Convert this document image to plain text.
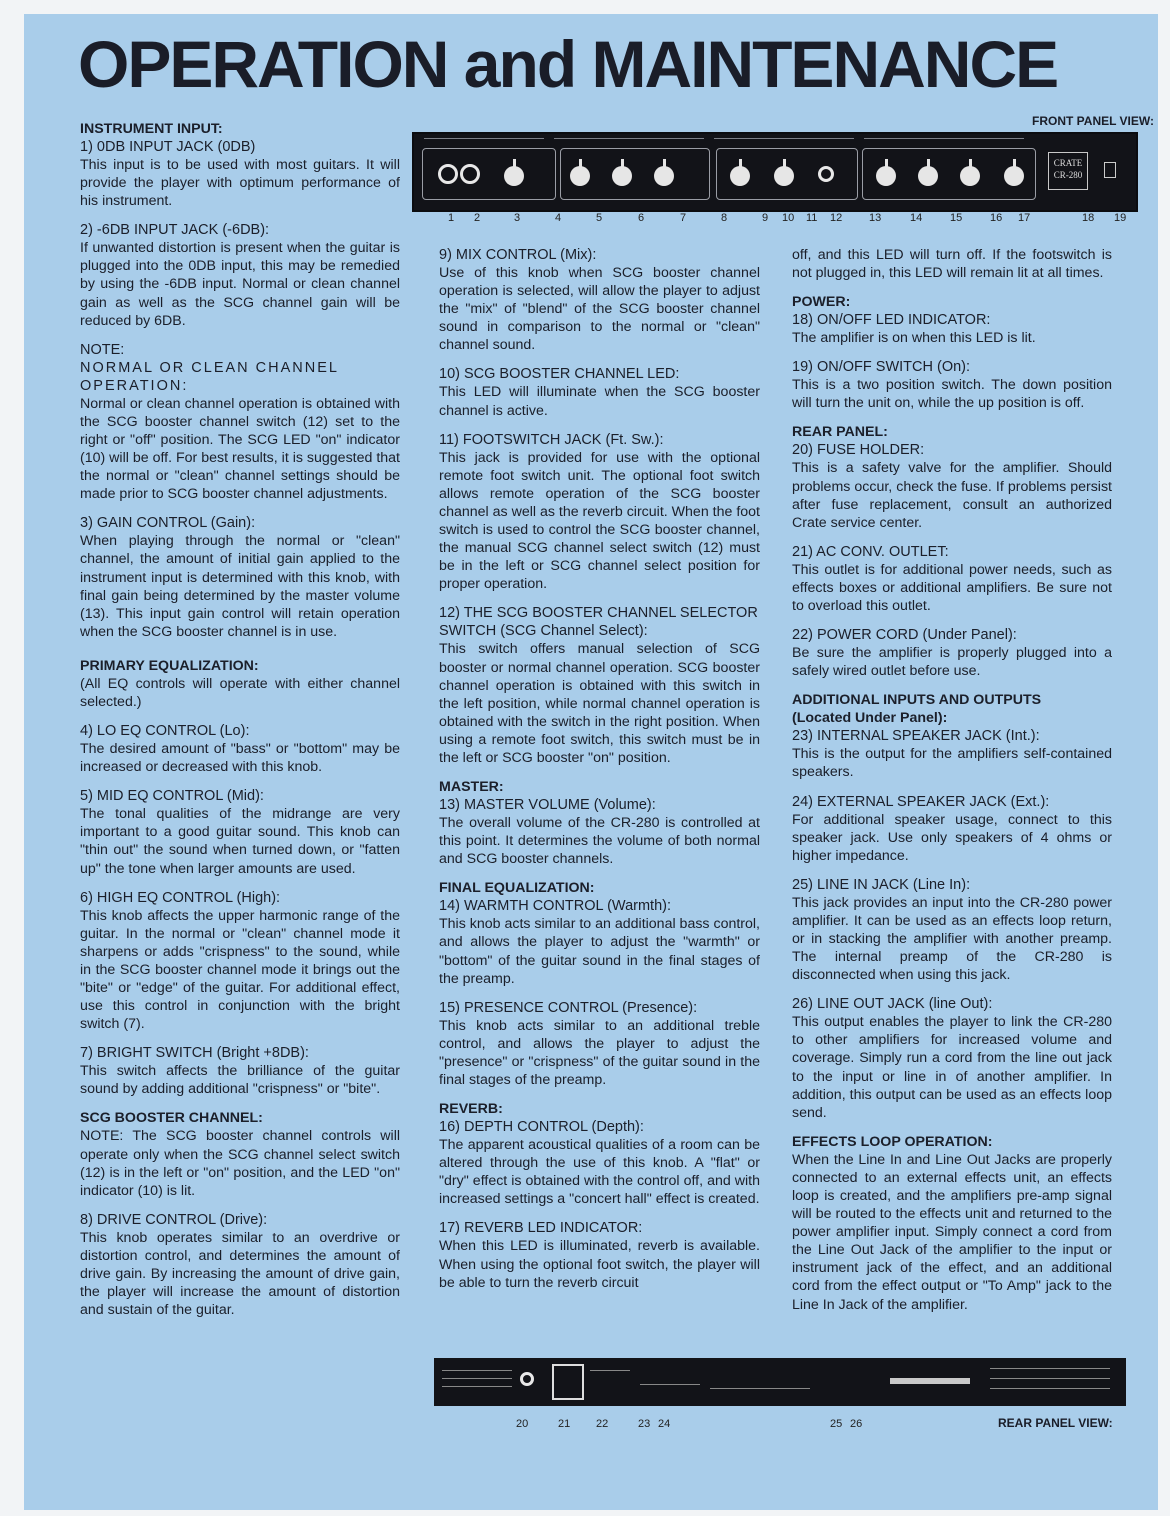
OPERATION and MAINTENANCE
FRONT PANEL VIEW:
CRATE
CR-280
1 2	3	4	5	6	7	8	9 10 11 12 13	14	15	16 17	18 19
INSTRUMENT INPUT:

1) 0DB INPUT JACK (0DB)
This input is to be used with most guitars. It will provide the player with optimum performance of his instrument.

2) -6DB INPUT JACK (-6DB):
If unwanted distortion is present when the guitar is plugged into the 0DB input, this may be remedied by using the -6DB input. Normal or clean channel gain as well as the SCG channel gain will be reduced by 6DB.

NOTE:
NORMAL OR CLEAN CHANNEL OPERATION:
Normal or clean channel operation is obtained with the SCG booster channel switch (12) set to the right or "off" position. The SCG LED "on" indicator (10) will be off. For best results, it is suggested that the normal or "clean" channel settings should be made prior to SCG booster channel adjustments.

3) GAIN CONTROL (Gain):
When playing through the normal or "clean" channel, the amount of initial gain applied to the instrument input is determined with this knob, with final gain being determined by the master volume (13). This input gain control will retain operation when the SCG booster channel is in use.

PRIMARY EQUALIZATION:

(All EQ controls will operate with either channel selected.)

4) LO EQ CONTROL (Lo):
The desired amount of "bass" or "bottom" may be increased or decreased with this knob.

5) MID EQ CONTROL (Mid):
The tonal qualities of the midrange are very important to a good guitar sound. This knob can "thin out" the sound when turned down, or "fatten up" the tone when larger amounts are used.

6) HIGH EQ CONTROL (High):
This knob affects the upper harmonic range of the guitar. In the normal or "clean" channel mode it sharpens or adds "crispness" to the sound, while in the SCG booster channel mode it brings out the "bite" or "edge" of the guitar. For additional effect, use this control in conjunction with the bright switch (7).

7) BRIGHT SWITCH (Bright +8DB):
This switch affects the brilliance of the guitar sound by adding additional "crispness" or "bite".

SCG BOOSTER CHANNEL:

NOTE: The SCG booster channel controls will operate only when the SCG channel select switch (12) is in the left or "on" position, and the LED "on" indicator (10) is lit.

8) DRIVE CONTROL (Drive):
This knob operates similar to an overdrive or distortion control, and determines the amount of drive gain. By increasing the amount of drive gain, the player will increase the amount of distortion and sustain of the guitar.

9) MIX CONTROL (Mix):
Use of this knob when SCG booster channel operation is selected, will allow the player to adjust the "mix" of "blend" of the SCG booster channel sound in comparison to the normal or "clean" channel sound.

10) SCG BOOSTER CHANNEL LED:
This LED will illuminate when the SCG booster channel is active.

11) FOOTSWITCH JACK (Ft. Sw.):
This jack is provided for use with the optional remote foot switch unit. The optional foot switch allows remote operation of the SCG booster channel as well as the reverb circuit. When the foot switch is used to control the SCG booster channel, the manual SCG channel select switch (12) must be in the left or SCG channel select position for proper operation.

12) THE SCG BOOSTER CHANNEL SELECTOR SWITCH (SCG Channel Select):
This switch offers manual selection of SCG booster or normal channel operation. SCG booster channel operation is obtained with this switch in the left position, while normal channel operation is obtained with the switch in the right position. When using a remote foot switch, this switch must be in the left or SCG booster "on" position.

MASTER:

13) MASTER VOLUME (Volume):
The overall volume of the CR-280 is controlled at this point. It determines the volume of both normal and SCG booster channels.

FINAL EQUALIZATION:

14) WARMTH CONTROL (Warmth):
This knob acts similar to an additional bass control, and allows the player to adjust the "warmth" or "bottom" of the guitar sound in the final stages of the preamp.

15) PRESENCE CONTROL (Presence):
This knob acts similar to an additional treble control, and allows the player to adjust the "presence" or "crispness" of the guitar sound in the final stages of the preamp.

REVERB:

16) DEPTH CONTROL (Depth):
The apparent acoustical qualities of a room can be altered through the use of this knob. A "flat" or "dry" effect is obtained with the control off, and with increased settings a "concert hall" effect is created.

17) REVERB LED INDICATOR:
When this LED is illuminated, reverb is available. When using the optional foot switch, the player will be able to turn the reverb circuit

off, and this LED will turn off. If the footswitch is not plugged in, this LED will remain lit at all times.

POWER:

18) ON/OFF LED INDICATOR:
The amplifier is on when this LED is lit.

19) ON/OFF SWITCH (On):
This is a two position switch. The down position will turn the unit on, while the up position is off.

REAR PANEL:

20) FUSE HOLDER:
This is a safety valve for the amplifier. Should problems occur, check the fuse. If problems persist after fuse replacement, consult an authorized Crate service center.

21) AC CONV. OUTLET:
This outlet is for additional power needs, such as effects boxes or additional amplifiers. Be sure not to overload this outlet.

22) POWER CORD (Under Panel):
Be sure the amplifier is properly plugged into a safely wired outlet before use.

ADDITIONAL INPUTS AND OUTPUTS
(Located Under Panel):

23) INTERNAL SPEAKER JACK (Int.):
This is the output for the amplifiers self-contained speakers.

24) EXTERNAL SPEAKER JACK (Ext.):
For additional speaker usage, connect to this speaker jack. Use only speakers of 4 ohms or higher impedance.

25) LINE IN JACK (Line In):
This jack provides an input into the CR-280 power amplifier. It can be used as an effects loop return, or in stacking the amplifier with another preamp. The internal preamp of the CR-280 is disconnected when using this jack.

26) LINE OUT JACK (line Out):
This output enables the player to link the CR-280 to other amplifiers for increased volume and coverage. Simply run a cord from the line out jack to the input or line in of another amplifier. In addition, this output can be used as an effects loop send.

EFFECTS LOOP OPERATION:

When the Line In and Line Out Jacks are properly connected to an external effects unit, an effects loop is created, and the amplifiers pre-amp signal will be routed to the effects unit and returned to the power amplifier input. Simply connect a cord from the Line Out Jack of the amplifier to the input or instrument jack of the effect, and an additional cord from the effect output or "To Amp" jack to the Line In Jack of the amplifier.

20	21 22	23 24	25 26	REAR PANEL VIEW:
